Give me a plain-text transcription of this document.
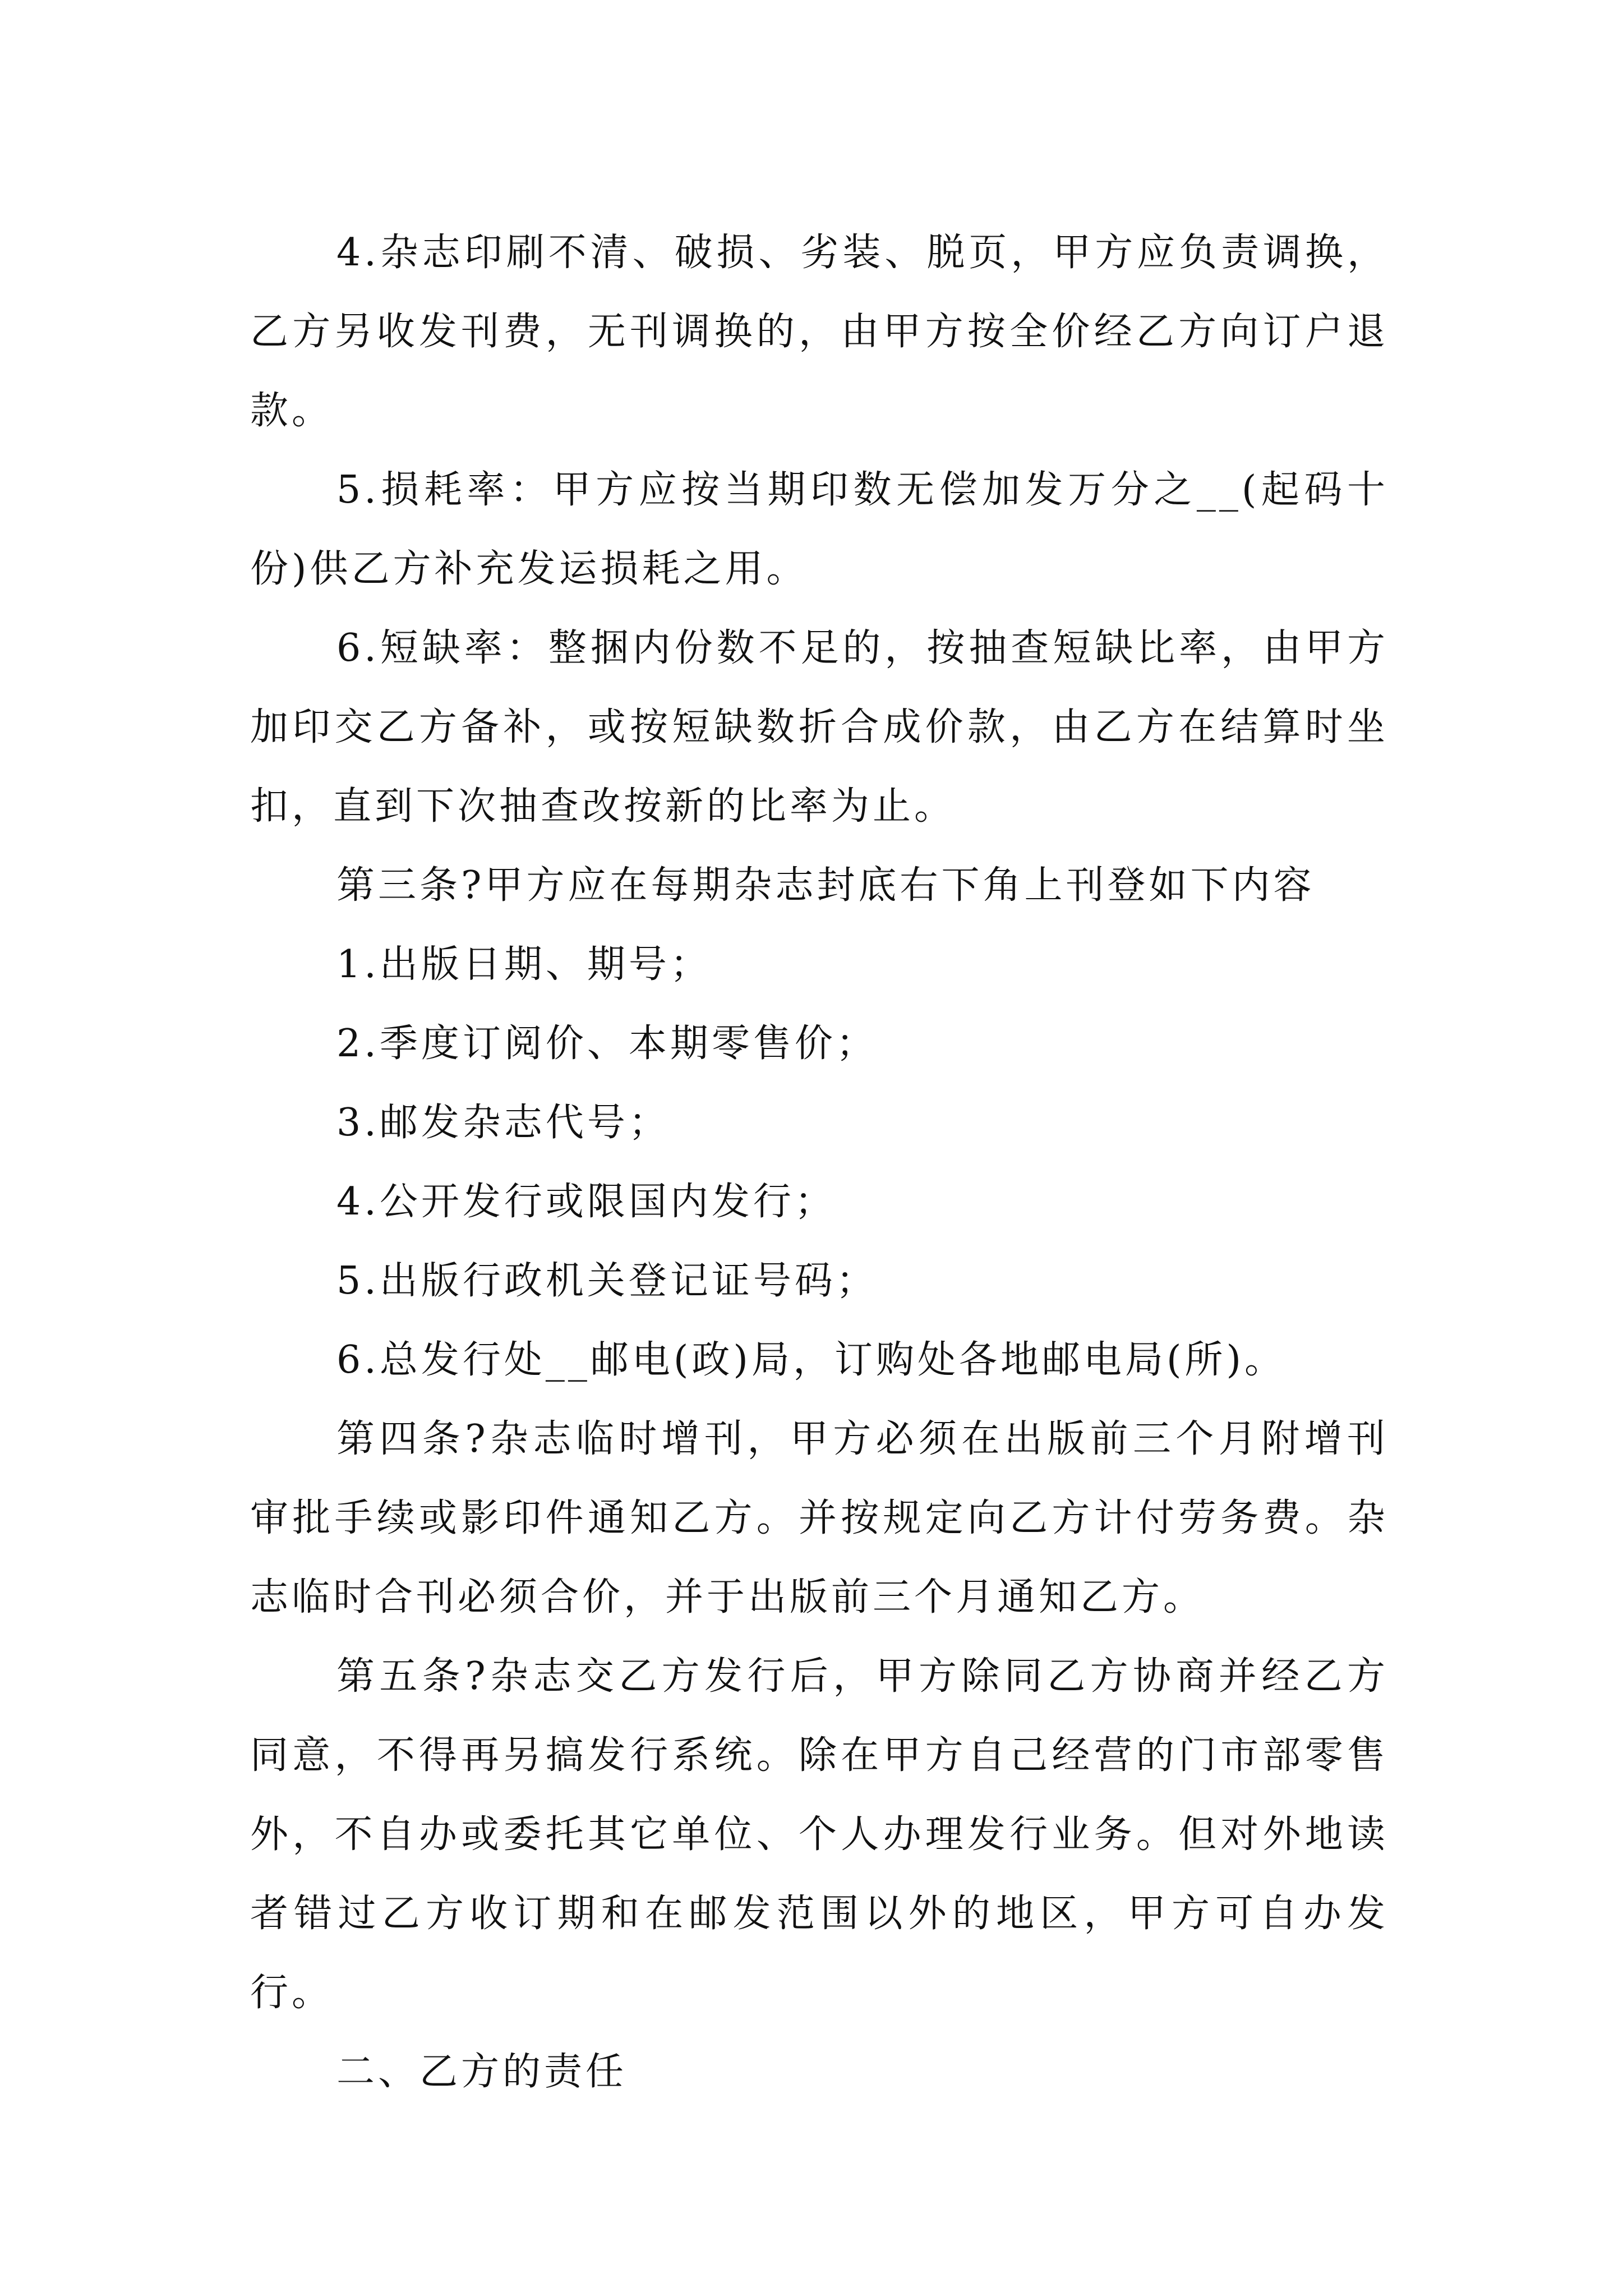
4.杂志印刷不清、破损、劣装、脱页，甲方应负责调换，乙方另收发刊费，无刊调换的，由甲方按全价经乙方向订户退款。

5.损耗率：甲方应按当期印数无偿加发万分之__(起码十份)供乙方补充发运损耗之用。

6.短缺率：整捆内份数不足的，按抽查短缺比率，由甲方加印交乙方备补，或按短缺数折合成价款，由乙方在结算时坐扣，直到下次抽查改按新的比率为止。

第三条?甲方应在每期杂志封底右下角上刊登如下内容

1.出版日期、期号；

2.季度订阅价、本期零售价；

3.邮发杂志代号；

4.公开发行或限国内发行；

5.出版行政机关登记证号码；

6.总发行处__邮电(政)局，订购处各地邮电局(所)。

第四条?杂志临时增刊，甲方必须在出版前三个月附增刊审批手续或影印件通知乙方。并按规定向乙方计付劳务费。杂志临时合刊必须合价，并于出版前三个月通知乙方。

第五条?杂志交乙方发行后，甲方除同乙方协商并经乙方同意，不得再另搞发行系统。除在甲方自己经营的门市部零售外，不自办或委托其它单位、个人办理发行业务。但对外地读者错过乙方收订期和在邮发范围以外的地区，甲方可自办发行。

二、乙方的责任
